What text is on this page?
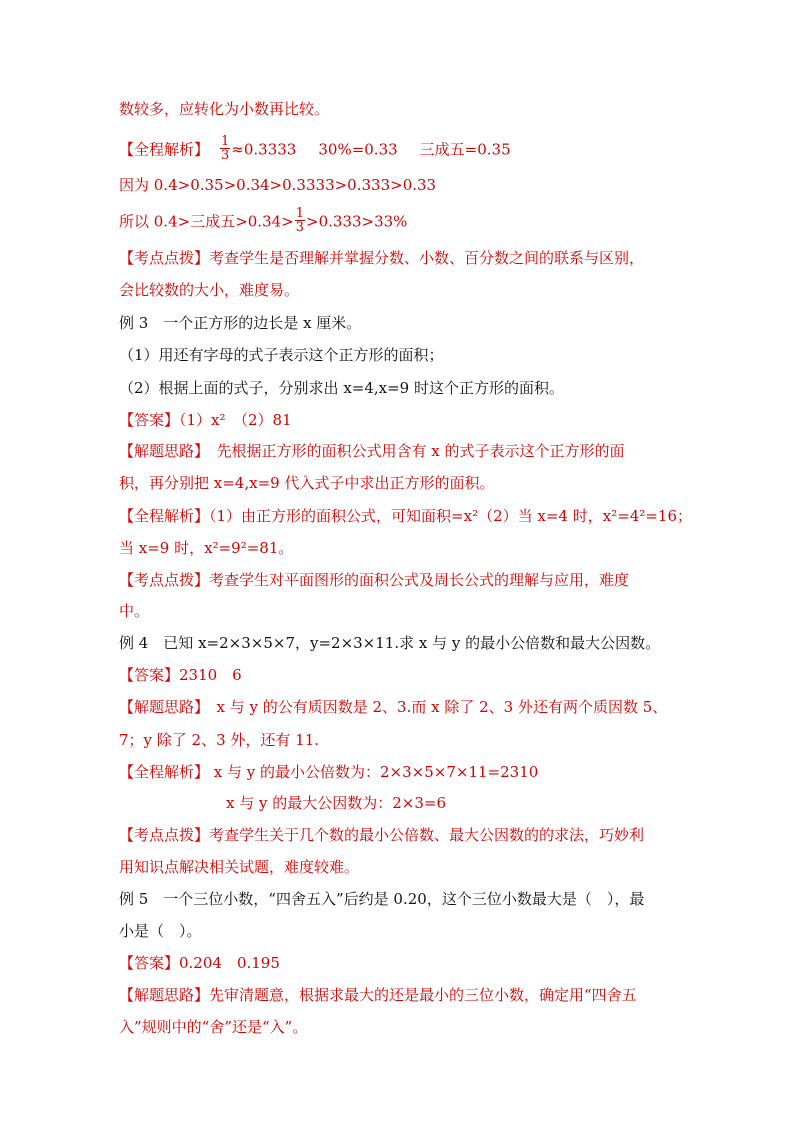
数较多，应转化为小数再比较。
【全程解析】 $\frac{1}{3} \approx 0.3333$ 30%=0.33 三成五=0.35
因为 0.4>0.35>0.34>0.3333>0.333>0.33
所以 0.4>三成五$>0.34> \frac{1}{3} >0.333>33\%$
【考点点拨】考查学生是否理解并掌握分数、小数、百分数之间的联系与区别，
会比较数的大小，难度易。
例 3　一个正方形的边长是 x 厘米。
（1）用还有字母的式子表示这个正方形的面积；
（2）根据上面的式子，分别求出 x=4,x=9 时这个正方形的面积。
【答案】（1）x²　（2）81
【解题思路】　先根据正方形的面积公式用含有 x 的式子表示这个正方形的面
积，再分别把 x=4,x=9 代入式子中求出正方形的面积。
【全程解析】（1）由正方形的面积公式，可知面积=x²（2）当 x=4 时，x²=4²=16；
当 x=9 时，x²=9²=81。
【考点点拨】考查学生对平面图形的面积公式及周长公式的理解与应用，难度
中。
例 4　已知 x=2×3×5×7，y=2×3×11.求 x 与 y 的最小公倍数和最大公因数。
【答案】2310　6
【解题思路】　x 与 y 的公有质因数是 2、3.而 x 除了 2、3 外还有两个质因数 5、
7；y 除了 2、3 外，还有 11.
【全程解析】 x 与 y 的最小公倍数为：2×3×5×7×11=2310
x 与 y 的最大公因数为：2×3=6
【考点点拨】考查学生关于几个数的最小公倍数、最大公因数的的求法，巧妙利
用知识点解决相关试题，难度较难。
例 5　一个三位小数，“四舍五入”后约是 0.20，这个三位小数最大是（　），最
小是（　）。
【答案】0.204　0.195
【解题思路】先审清题意，根据求最大的还是最小的三位小数，确定用“四舍五
入”规则中的“舍”还是“入”。
